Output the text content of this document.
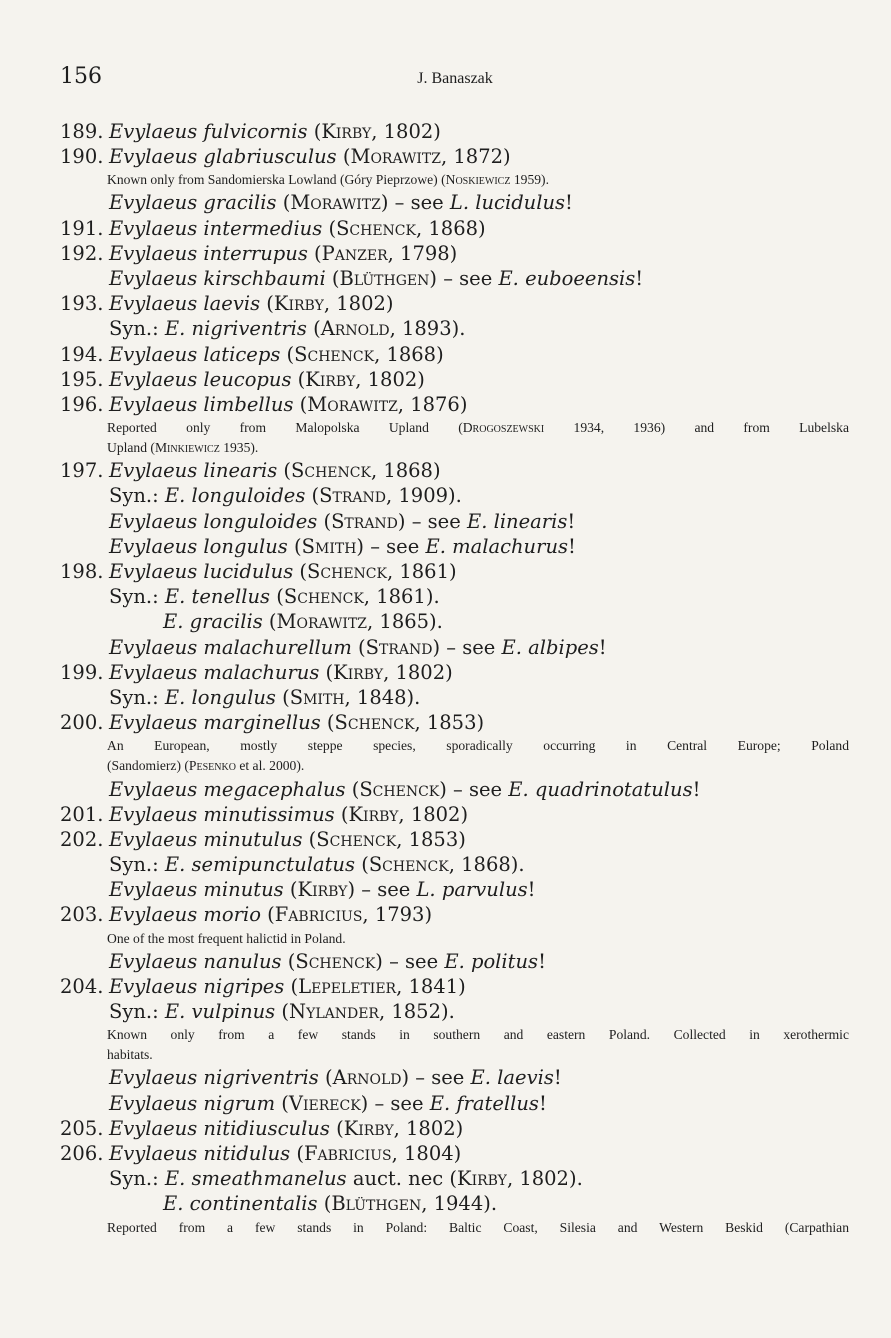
156	J. Banaszak
189. Evylaeus fulvicornis (Kirby, 1802)
190. Evylaeus glabriusculus (Morawitz, 1872)
Known only from Sandomierska Lowland (Góry Pieprzowe) (Noskiewicz 1959).
Evylaeus gracilis (Morawitz) – see L. lucidulus!
191. Evylaeus intermedius (Schenck, 1868)
192. Evylaeus interrupus (Panzer, 1798)
Evylaeus kirschbaumi (Blüthgen) – see E. euboeensis!
193. Evylaeus laevis (Kirby, 1802)
Syn.: E. nigriventris (Arnold, 1893).
194. Evylaeus laticeps (Schenck, 1868)
195. Evylaeus leucopus (Kirby, 1802)
196. Evylaeus limbellus (Morawitz, 1876)
Reported only from Malopolska Upland (Drogoszewski 1934, 1936) and from Lubelska
Upland (Minkiewicz 1935).
197. Evylaeus linearis (Schenck, 1868)
Syn.: E. longuloides (Strand, 1909).
Evylaeus longuloides (Strand) – see E. linearis!
Evylaeus longulus (Smith) – see E. malachurus!
198. Evylaeus lucidulus (Schenck, 1861)
Syn.: E. tenellus (Schenck, 1861).
E. gracilis (Morawitz, 1865).
Evylaeus malachurellum (Strand) – see E. albipes!
199. Evylaeus malachurus (Kirby, 1802)
Syn.: E. longulus (Smith, 1848).
200. Evylaeus marginellus (Schenck, 1853)
An European, mostly steppe species, sporadically occurring in Central Europe; Poland
(Sandomierz) (Pesenko et al. 2000).
Evylaeus megacephalus (Schenck) – see E. quadrinotatulus!
201. Evylaeus minutissimus (Kirby, 1802)
202. Evylaeus minutulus (Schenck, 1853)
Syn.: E. semipunctulatus (Schenck, 1868).
Evylaeus minutus (Kirby) – see L. parvulus!
203. Evylaeus morio (Fabricius, 1793)
One of the most frequent halictid in Poland.
Evylaeus nanulus (Schenck) – see E. politus!
204. Evylaeus nigripes (Lepeletier, 1841)
Syn.: E. vulpinus (Nylander, 1852).
Known only from a few stands in southern and eastern Poland. Collected in xerothermic
habitats.
Evylaeus nigriventris (Arnold) – see E. laevis!
Evylaeus nigrum (Viereck) – see E. fratellus!
205. Evylaeus nitidiusculus (Kirby, 1802)
206. Evylaeus nitidulus (Fabricius, 1804)
Syn.: E. smeathmanelus auct. nec (Kirby, 1802).
E. continentalis (Blüthgen, 1944).
Reported from a few stands in Poland: Baltic Coast, Silesia and Western Beskid (Carpathian
